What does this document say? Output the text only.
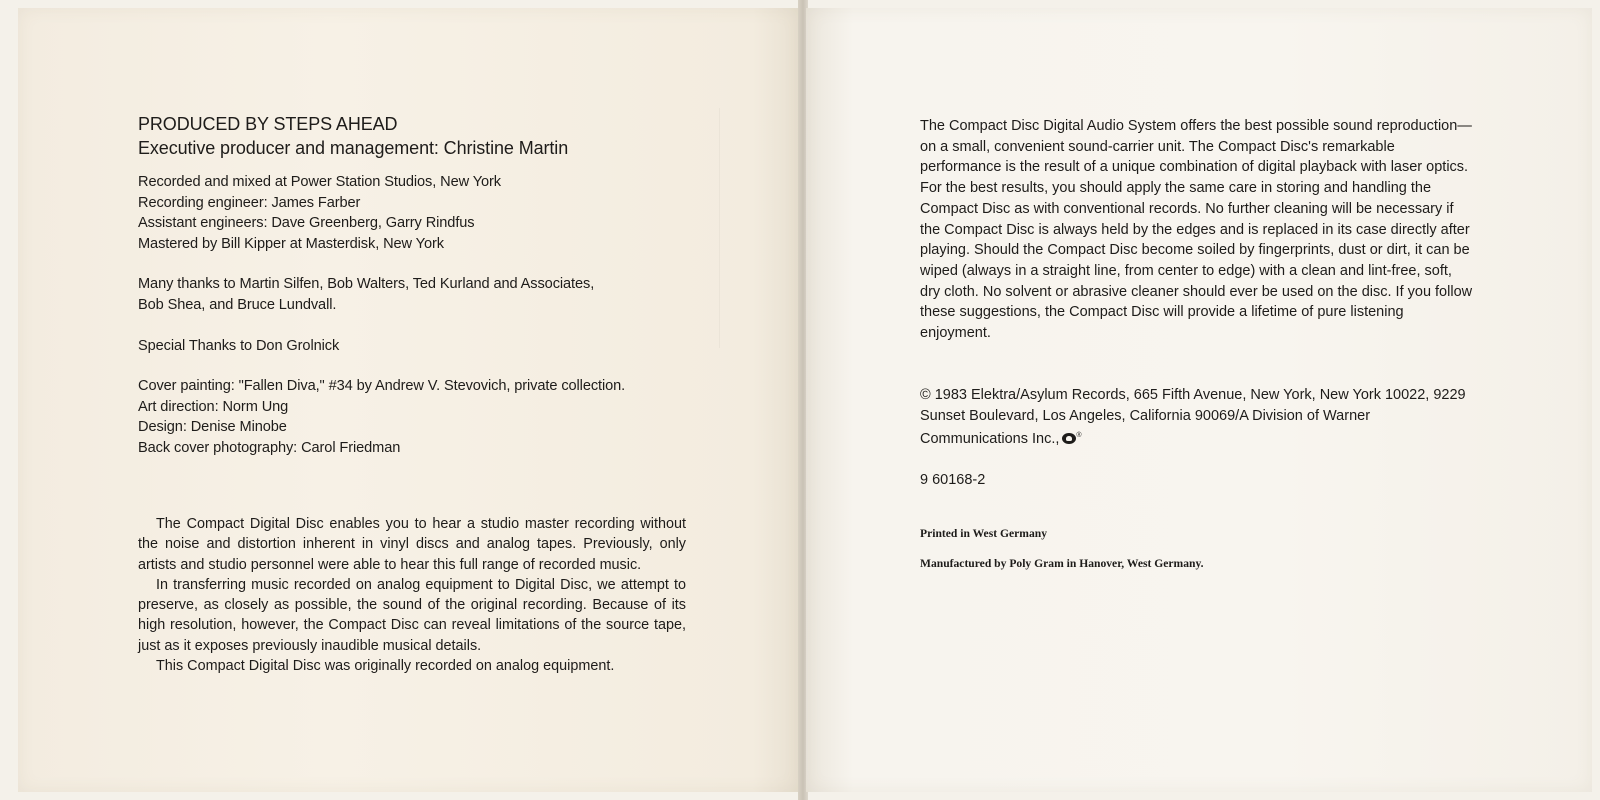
PRODUCED BY STEPS AHEAD
Executive producer and management: Christine Martin
Recorded and mixed at Power Station Studios, New York
Recording engineer: James Farber
Assistant engineers: Dave Greenberg, Garry Rindfus
Mastered by Bill Kipper at Masterdisk, New York
Many thanks to Martin Silfen, Bob Walters, Ted Kurland and Associates,
Bob Shea, and Bruce Lundvall.
Special Thanks to Don Grolnick
Cover painting: "Fallen Diva," #34 by Andrew V. Stevovich, private collection.
Art direction: Norm Ung
Design: Denise Minobe
Back cover photography: Carol Friedman

The Compact Digital Disc enables you to hear a studio master recording without the noise and distortion inherent in vinyl discs and analog tapes. Previously, only artists and studio personnel were able to hear this full range of recorded music.

In transferring music recorded on analog equipment to Digital Disc, we attempt to preserve, as closely as possible, the sound of the original recording. Because of its high resolution, however, the Compact Disc can reveal limitations of the source tape, just as it exposes previously inaudible musical details.

This Compact Digital Disc was originally recorded on analog equipment.

The Compact Disc Digital Audio System offers the best possible sound reproduction—on a small, convenient sound-carrier unit. The Compact Disc's remarkable performance is the result of a unique combination of digital playback with laser optics. For the best results, you should apply the same care in storing and handling the Compact Disc as with conventional records. No further cleaning will be necessary if the Compact Disc is always held by the edges and is replaced in its case directly after playing. Should the Compact Disc become soiled by fingerprints, dust or dirt, it can be wiped (always in a straight line, from center to edge) with a clean and lint-free, soft, dry cloth. No solvent or abrasive cleaner should ever be used on the disc. If you follow these suggestions, the Compact Disc will provide a lifetime of pure listening enjoyment.

© 1983 Elektra/Asylum Records, 665 Fifth Avenue, New York, New York 10022, 9229 Sunset Boulevard, Los Angeles, California 90069/A Division of Warner Communications Inc., ®

9 60168-2
Printed in West Germany
Manufactured by Poly Gram in Hanover, West Germany.
